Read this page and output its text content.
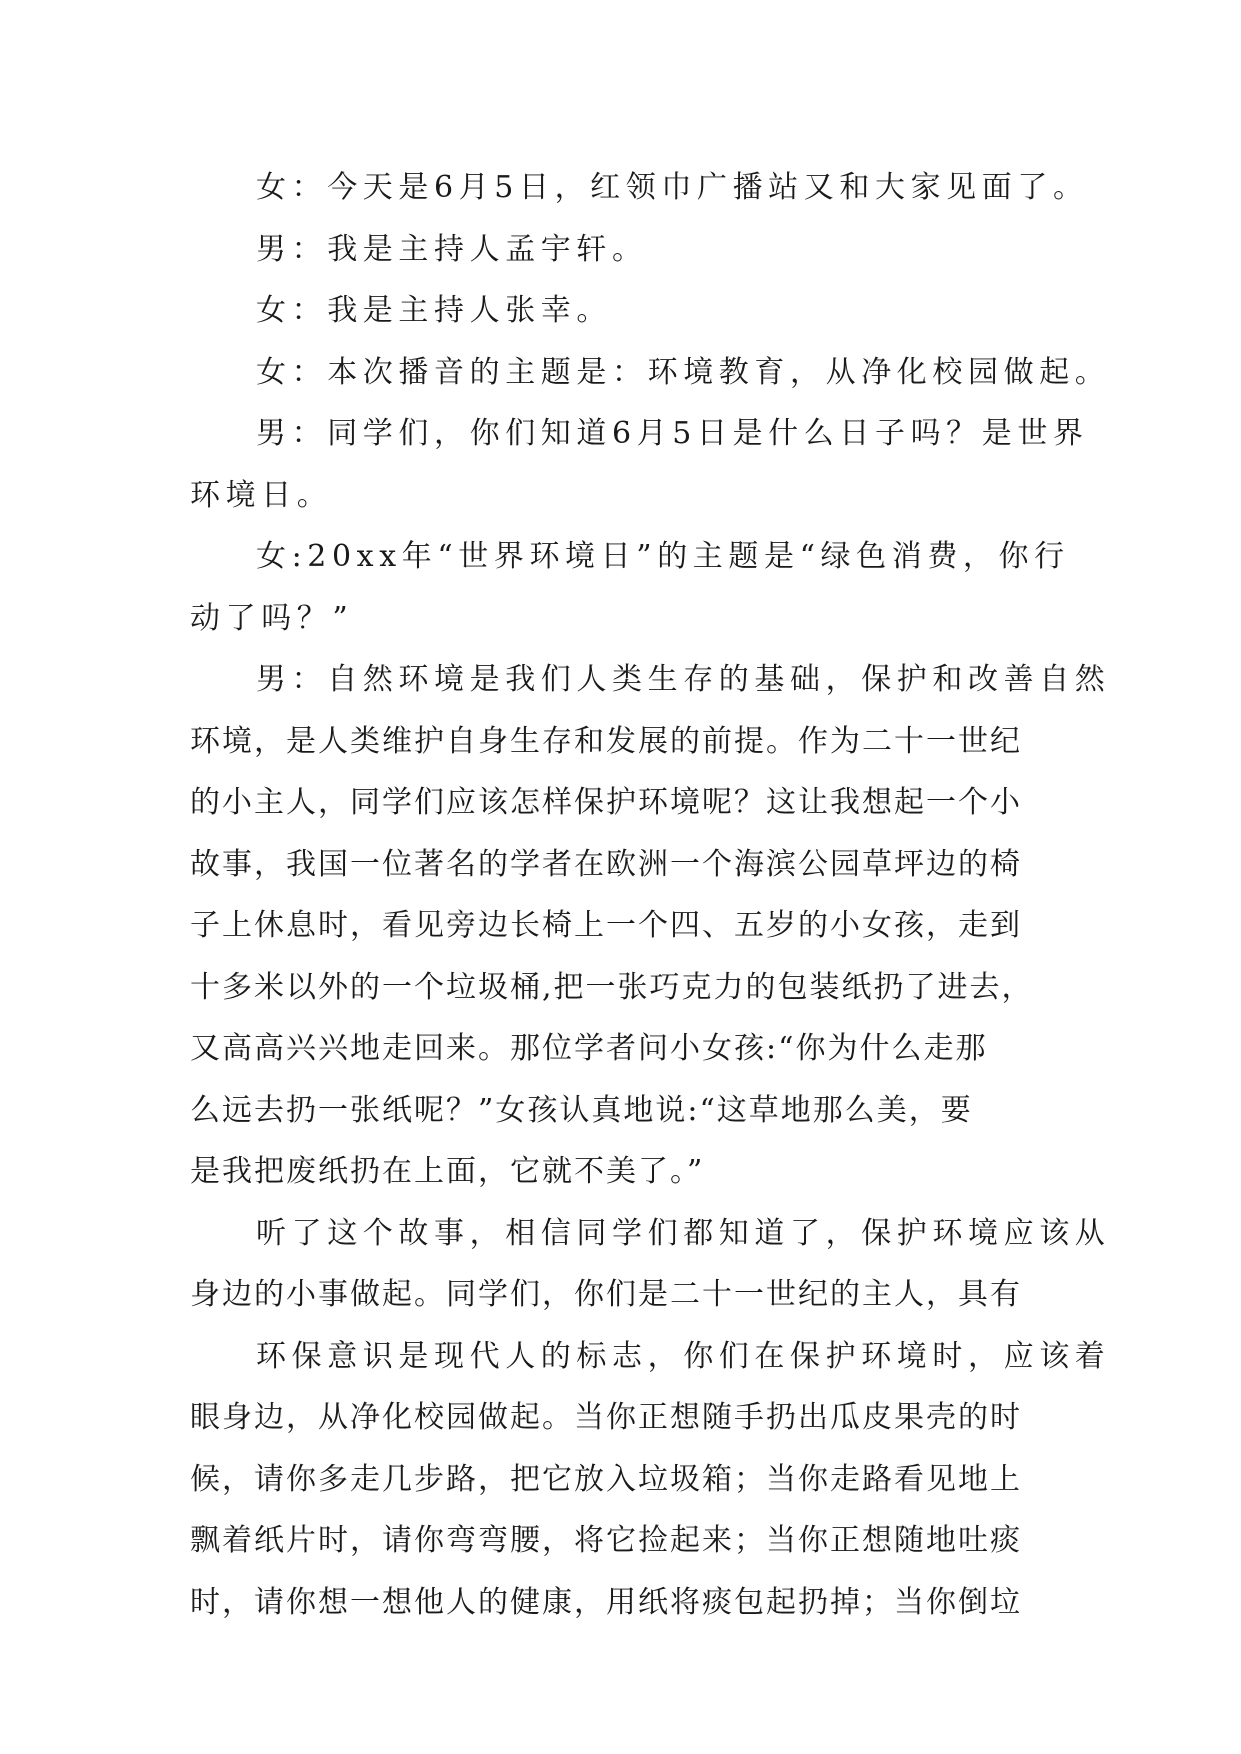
女：今天是6月5日，红领巾广播站又和大家见面了。
男：我是主持人孟宇轩。
女：我是主持人张幸。
女：本次播音的主题是：环境教育，从净化校园做起。
男：同学们，你们知道6月5日是什么日子吗？是世界
环境日。
女:20xx年“世界环境日”的主题是“绿色消费，你行
动了吗？”
男：自然环境是我们人类生存的基础，保护和改善自然
环境，是人类维护自身生存和发展的前提。作为二十一世纪
的小主人，同学们应该怎样保护环境呢？这让我想起一个小
故事，我国一位著名的学者在欧洲一个海滨公园草坪边的椅
子上休息时，看见旁边长椅上一个四、五岁的小女孩，走到
十多米以外的一个垃圾桶,把一张巧克力的包装纸扔了进去，
又高高兴兴地走回来。那位学者问小女孩:“你为什么走那
么远去扔一张纸呢？”女孩认真地说:“这草地那么美，要
是我把废纸扔在上面，它就不美了。”
听了这个故事，相信同学们都知道了，保护环境应该从
身边的小事做起。同学们，你们是二十一世纪的主人，具有
环保意识是现代人的标志，你们在保护环境时，应该着
眼身边，从净化校园做起。当你正想随手扔出瓜皮果壳的时
候，请你多走几步路，把它放入垃圾箱；当你走路看见地上
飘着纸片时，请你弯弯腰，将它捡起来；当你正想随地吐痰
时，请你想一想他人的健康，用纸将痰包起扔掉；当你倒垃
